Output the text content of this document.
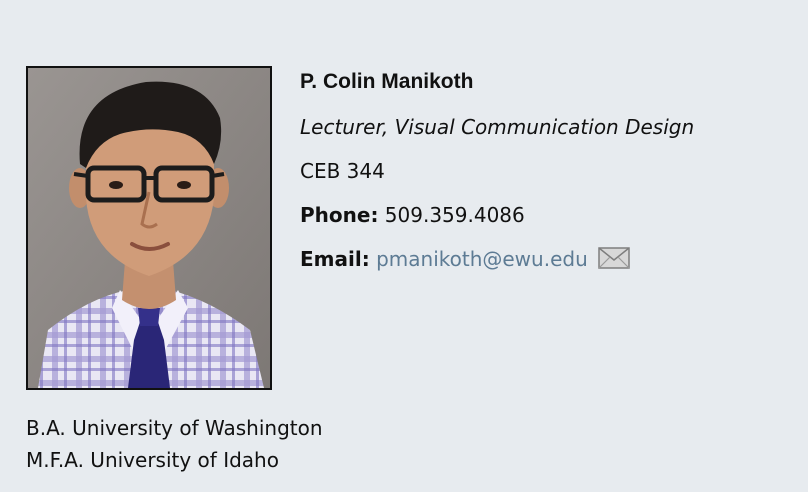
P. Colin Manikoth
Lecturer, Visual Communication Design
CEB 344
Phone: 509.359.4086
Email: pmanikoth@ewu.edu
B.A. University of Washington
M.F.A. University of Idaho
